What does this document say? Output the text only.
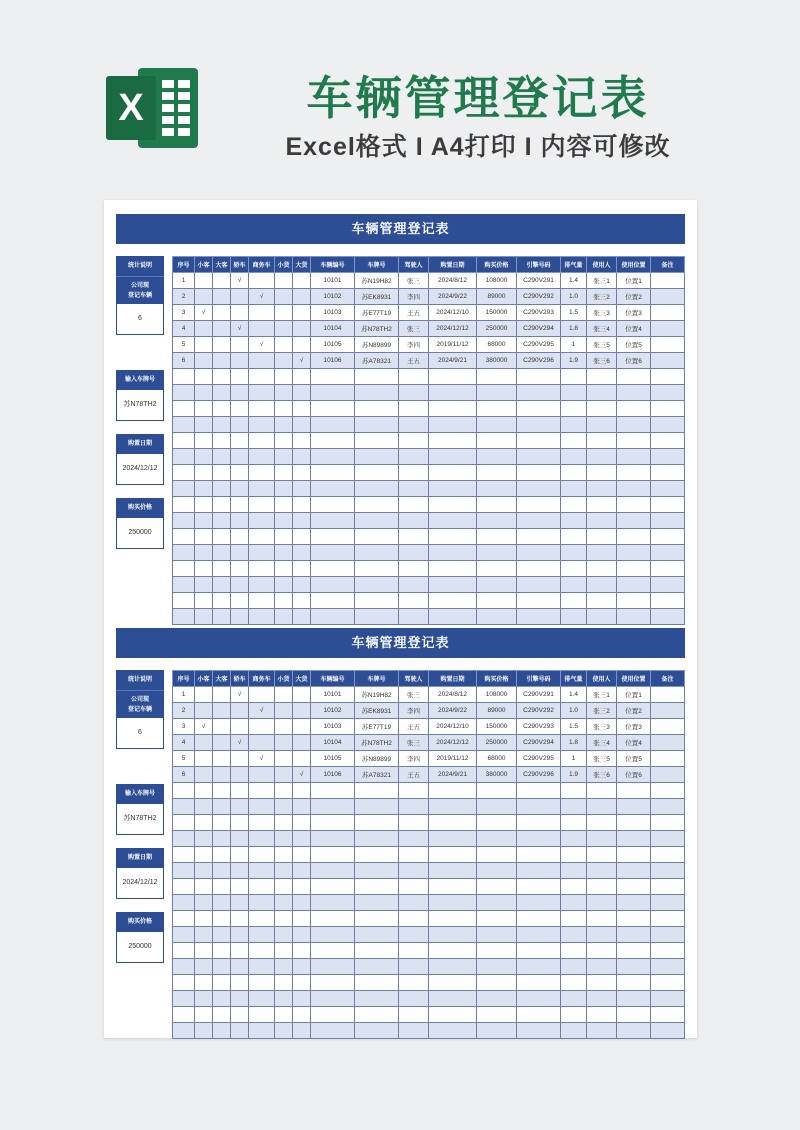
X	车辆管理登记表
Excel格式 I A4打印 I 内容可修改
车辆管理登记表
统计说明
公司现
登记车辆
6
输入车牌号
苏N78TH2
购置日期
2024/12/12
购买价格
250000
序号	小客	大客	轿车	商务车	小货	大货	车辆编号	车牌号	驾驶人	购置日期	购买价格	引擎号码	排气量	使用人	使用位置	备注
1			√				10101	苏N19H82	张三	2024/8/12	108000	C290V291	1.4	张三1	位置1	
2				√			10102	苏EK8931	李四	2024/9/22	89000	C290V292	1.0	张三2	位置2	
3	√						10103	苏E77T19	王五	2024/12/10	150000	C290V293	1.5	张三3	位置3	
4			√				10104	苏N78TH2	张三	2024/12/12	250000	C290V294	1.8	张三4	位置4	
5				√			10105	苏N89899	李四	2019/11/12	68000	C290V295	1	张三5	位置5	
6						√	10106	苏A78321	王五	2024/9/21	380000	C290V296	1.9	张三6	位置6	

车辆管理登记表
统计说明
公司现
登记车辆
6
输入车牌号
苏N78TH2
购置日期
2024/12/12
购买价格
250000
序号	小客	大客	轿车	商务车	小货	大货	车辆编号	车牌号	驾驶人	购置日期	购买价格	引擎号码	排气量	使用人	使用位置	备注
1			√				10101	苏N19H82	张三	2024/8/12	108000	C290V291	1.4	张三1	位置1	
2				√			10102	苏EK8931	李四	2024/9/22	89000	C290V292	1.0	张三2	位置2	
3	√						10103	苏E77T19	王五	2024/12/10	150000	C290V293	1.5	张三3	位置3	
4			√				10104	苏N78TH2	张三	2024/12/12	250000	C290V294	1.8	张三4	位置4	
5				√			10105	苏N89899	李四	2019/11/12	68000	C290V295	1	张三5	位置5	
6						√	10106	苏A78321	王五	2024/9/21	380000	C290V296	1.9	张三6	位置6	
